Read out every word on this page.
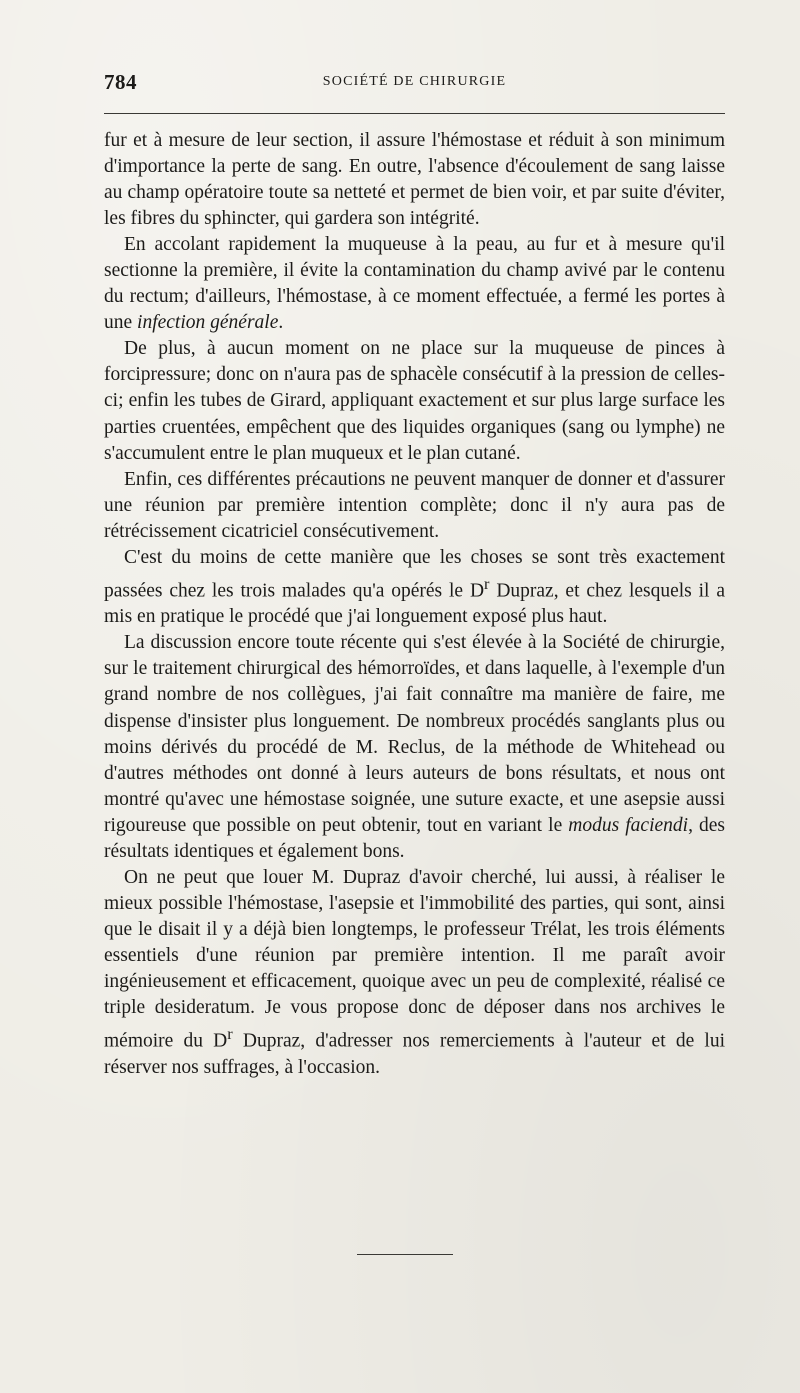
784	SOCIÉTÉ DE CHIRURGIE

fur et à mesure de leur section, il assure l'hémostase et réduit à son minimum d'importance la perte de sang. En outre, l'absence d'écoulement de sang laisse au champ opératoire toute sa netteté et permet de bien voir, et par suite d'éviter, les fibres du sphincter, qui gardera son intégrité.

En accolant rapidement la muqueuse à la peau, au fur et à mesure qu'il sectionne la première, il évite la contamination du champ avivé par le contenu du rectum; d'ailleurs, l'hémostase, à ce moment effectuée, a fermé les portes à une infection générale.

De plus, à aucun moment on ne place sur la muqueuse de pinces à forcipressure; donc on n'aura pas de sphacèle consécutif à la pression de celles-ci; enfin les tubes de Girard, appliquant exactement et sur plus large surface les parties cruentées, empêchent que des liquides organiques (sang ou lymphe) ne s'accumulent entre le plan muqueux et le plan cutané.

Enfin, ces différentes précautions ne peuvent manquer de donner et d'assurer une réunion par première intention complète; donc il n'y aura pas de rétrécissement cicatriciel consécutivement.

C'est du moins de cette manière que les choses se sont très exactement passées chez les trois malades qu'a opérés le $D^r$ Dupraz, et chez lesquels il a mis en pratique le procédé que j'ai longuement exposé plus haut.

La discussion encore toute récente qui s'est élevée à la Société de chirurgie, sur le traitement chirurgical des hémorroïdes, et dans laquelle, à l'exemple d'un grand nombre de nos collègues, j'ai fait connaître ma manière de faire, me dispense d'insister plus longuement. De nombreux procédés sanglants plus ou moins dérivés du procédé de M. Reclus, de la méthode de Whitehead ou d'autres méthodes ont donné à leurs auteurs de bons résultats, et nous ont montré qu'avec une hémostase soignée, une suture exacte, et une asepsie aussi rigoureuse que possible on peut obtenir, tout en variant le modus faciendi, des résultats identiques et également bons.

On ne peut que louer M. Dupraz d'avoir cherché, lui aussi, à réaliser le mieux possible l'hémostase, l'asepsie et l'immobilité des parties, qui sont, ainsi que le disait il y a déjà bien longtemps, le professeur Trélat, les trois éléments essentiels d'une réunion par première intention. Il me paraît avoir ingénieusement et efficacement, quoique avec un peu de complexité, réalisé ce triple desideratum. Je vous propose donc de déposer dans nos archives le mémoire du $D^r$ Dupraz, d'adresser nos remerciements à l'auteur et de lui réserver nos suffrages, à l'occasion.
